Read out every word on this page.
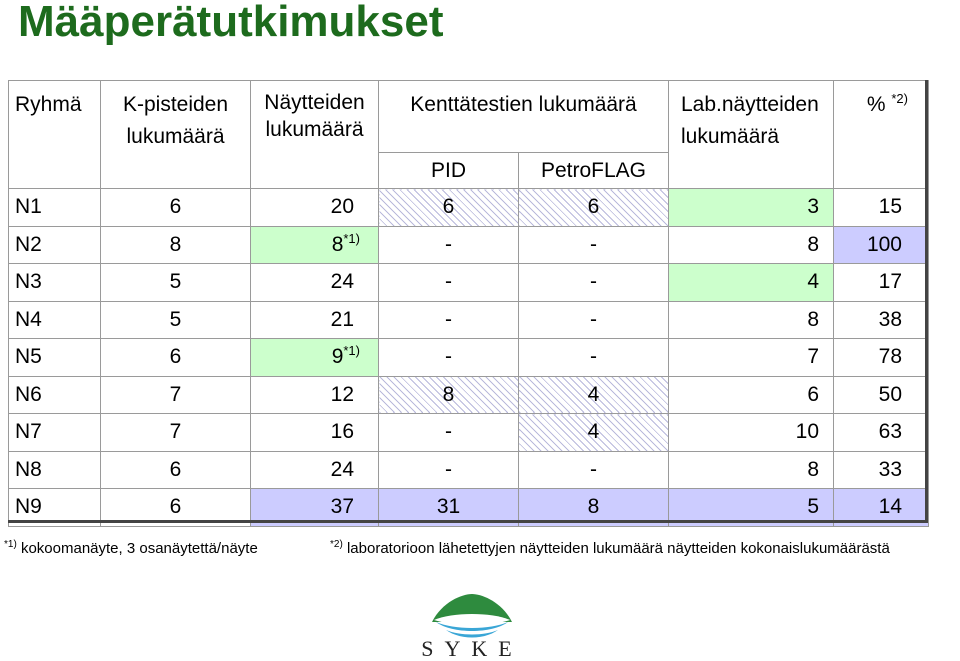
Määperätutkimukset
Ryhmä	K-pisteiden lukumäärä	Näytteiden lukumäärä	Kenttätestien lukumäärä		Lab.näytteiden lukumäärä	% $^{*2)}$
			PID	PetroFLAG		
N1	6	20	6	6	3	15
N2	8	8$^{*1)}$	-	-	8	100
N3	5	24	-	-	4	17
N4	5	21	-	-	8	38
N5	6	9$^{*1)}$	-	-	7	78
N6	7	12	8	4	6	50
N7	7	16	-	4	10	63
N8	6	24	-	-	8	33
N9	6	37	31	8	5	14
$^{*1)}$ kokoomanäyte, 3 osanäytettä/näyte	$^{*2)}$ laboratorioon lähetettyjen näytteiden lukumäärä näytteiden kokonaislukumäärästä
SYKE
